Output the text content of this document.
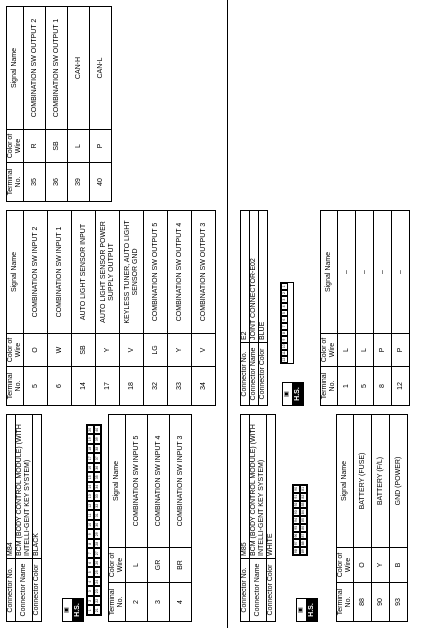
Connector No.	M84
Connector Name	BCM (BODY CONTROL MODULE) (WITH INTELLI-GENT KEY SYSTEM)
Connector Color	BLACK
▣ H.S.	1
2
3
4
5
6
7
8
9
10
11
12
13
14
15
16
17
18
19
20
21
22
23
24
25
26
27
28
29
30
31
32
33
34
35
36
37
38
39
40
Terminal No.	Color of Wire	Signal Name
2	L	COMBINATION SW INPUT 5
3	GR	COMBINATION SW INPUT 4
4	BR	COMBINATION SW INPUT 3
Connector No.	M85
Connector Name	BCM (BODY CONTROL MODULE) (WITH INTELLI-GENT KEY SYSTEM)
Connector Color	WHITE
▣ H.S.
98
97
96
95
94
93
92
91
90
89
88
87
86
85
84
83
82
81
Terminal No.	Color of Wire	Signal Name
88	O	BATTERY (FUSE)
90	Y	BATTERY (F/L)
93	B	GND (POWER)
Terminal No.	Color of Wire	Signal Name
5	O	COMBINATION SW INPUT 2
6	W	COMBINATION SW INPUT 1
14	SB	AUTO LIGHT SENSOR INPUT
17	Y	AUTO LIGHT SENSOR POWER SUPPLY OUTPUT
18	V	KEYLESS TUNER, AUTO LIGHT SENSOR GND
32	LG	COMBINATION SW OUTPUT 5
33	Y	COMBINATION SW OUTPUT 4
34	V	COMBINATION SW OUTPUT 3
Connector No.	E2
Connector Name	JOINT CONNECTOR-E02
Connector Color	BLUE
▣ H.S.
12
11
10
9
8
7
6
5
4
3
2
1
Terminal No.	Color of Wire	Signal Name
1	L	–
5	L	–
8	P	–
12	P	–
Terminal No.	Color of Wire	Signal Name
35	R	COMBINATION SW OUTPUT 2
36	SB	COMBINATION SW OUTPUT 1
39	L	CAN-H
40	P	CAN-L
